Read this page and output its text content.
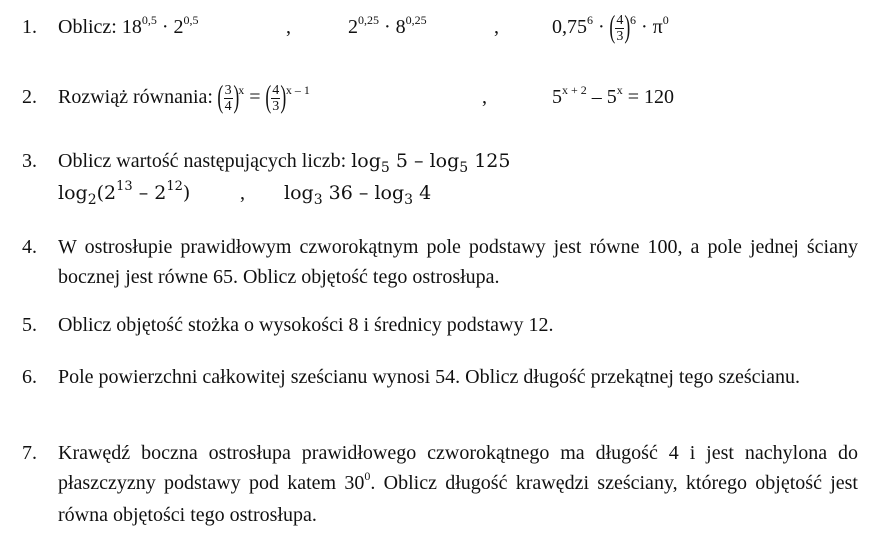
1. Oblicz: $18^{0,5} \cdot 2^{0,5}$	,	$2^{0,25} \cdot 8^{0,25}$	,	$0,75^6$ · ( $\frac{4}{3} )^6 \cdot \pi^0$
2. Rozwiąż równania: ( $\frac{3}{4} )^x$ = ( $\frac{4}{3} )^{x - 1}$	,	$5^{x + 2} - 5^x = 120$
3. Oblicz wartość następujących liczb: $\log_5 5 - \log_5 125$
$\log_2(2^{13} - 2^{12})$ , $\log_3 36 - \log_3 4$
4. W ostrosłupie prawidłowym czworokątnym pole podstawy jest równe 100, a pole jednej ściany bocznej jest równe 65. Oblicz objętość tego ostrosłupa.
5. Oblicz objętość stożka o wysokości 8 i średnicy podstawy 12.
6. Pole powierzchni całkowitej sześcianu wynosi 54. Oblicz długość przekątnej tego sześcianu.
7. Krawędź boczna ostrosłupa prawidłowego czworokątnego ma długość 4 i jest nachylona do płaszczyzny podstawy pod katem $30^0$. Oblicz długość krawędzi sześciany, którego objętość jest równa objętości tego ostrosłupa.
